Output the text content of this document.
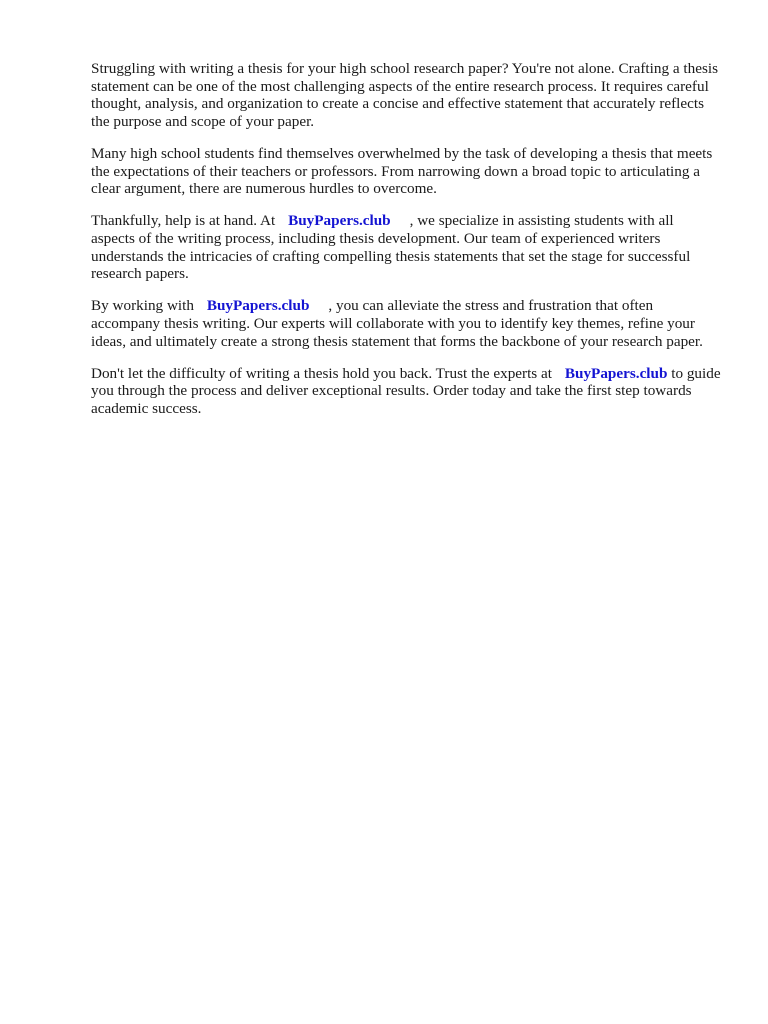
Struggling with writing a thesis for your high school research paper? You're not alone. Crafting a thesis statement can be one of the most challenging aspects of the entire research process. It requires careful thought, analysis, and organization to create a concise and effective statement that accurately reflects the purpose and scope of your paper.

Many high school students find themselves overwhelmed by the task of developing a thesis that meets the expectations of their teachers or professors. From narrowing down a broad topic to articulating a clear argument, there are numerous hurdles to overcome.

Thankfully, help is at hand. At BuyPapers.club , we specialize in assisting students with all aspects of the writing process, including thesis development. Our team of experienced writers understands the intricacies of crafting compelling thesis statements that set the stage for successful research papers.

By working with BuyPapers.club , you can alleviate the stress and frustration that often accompany thesis writing. Our experts will collaborate with you to identify key themes, refine your ideas, and ultimately create a strong thesis statement that forms the backbone of your research paper.

Don't let the difficulty of writing a thesis hold you back. Trust the experts at BuyPapers.club to guide you through the process and deliver exceptional results. Order today and take the first step towards academic success.
